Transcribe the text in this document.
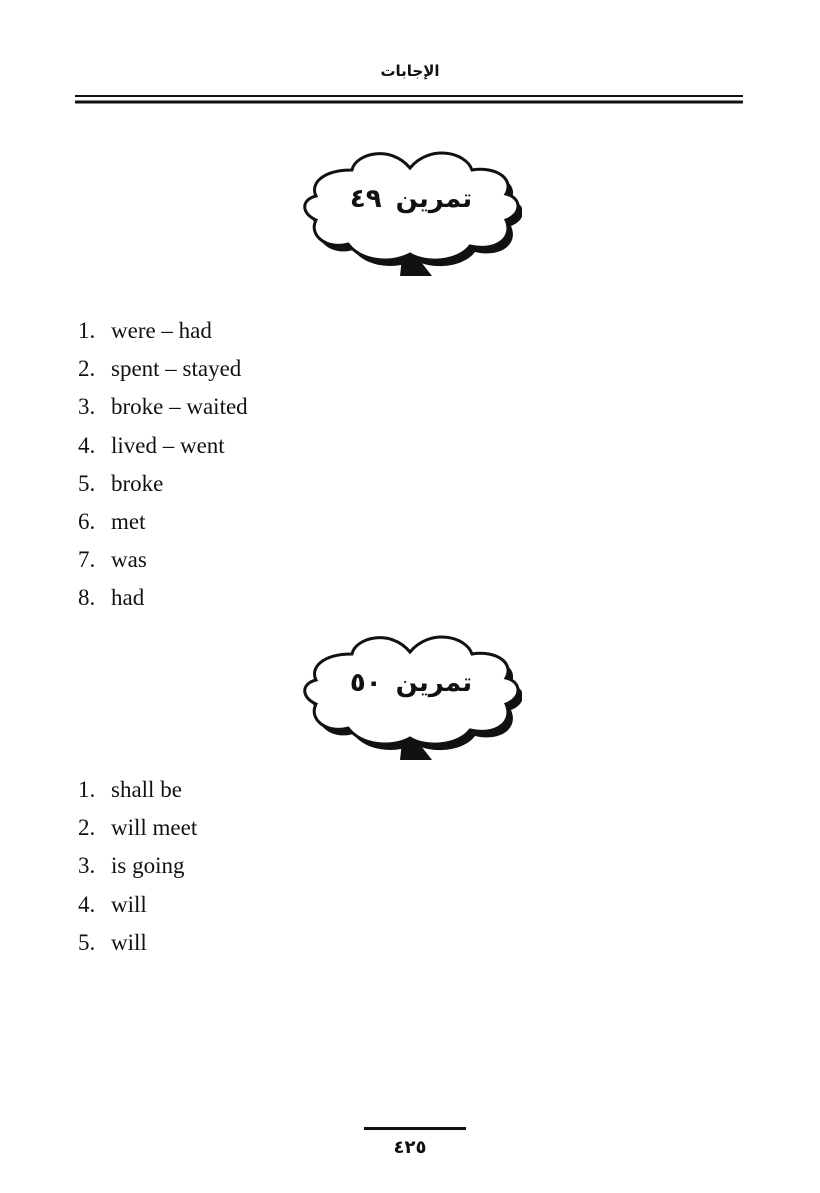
الإجابات
تمرين٤٩
1. were – had
2. spent – stayed
3. broke – waited
4. lived – went
5. broke
6. met
7. was
8. had
تمرين٥٠
1. shall be
2. will meet
3. is going
4. will
5. will
٤٢٥
